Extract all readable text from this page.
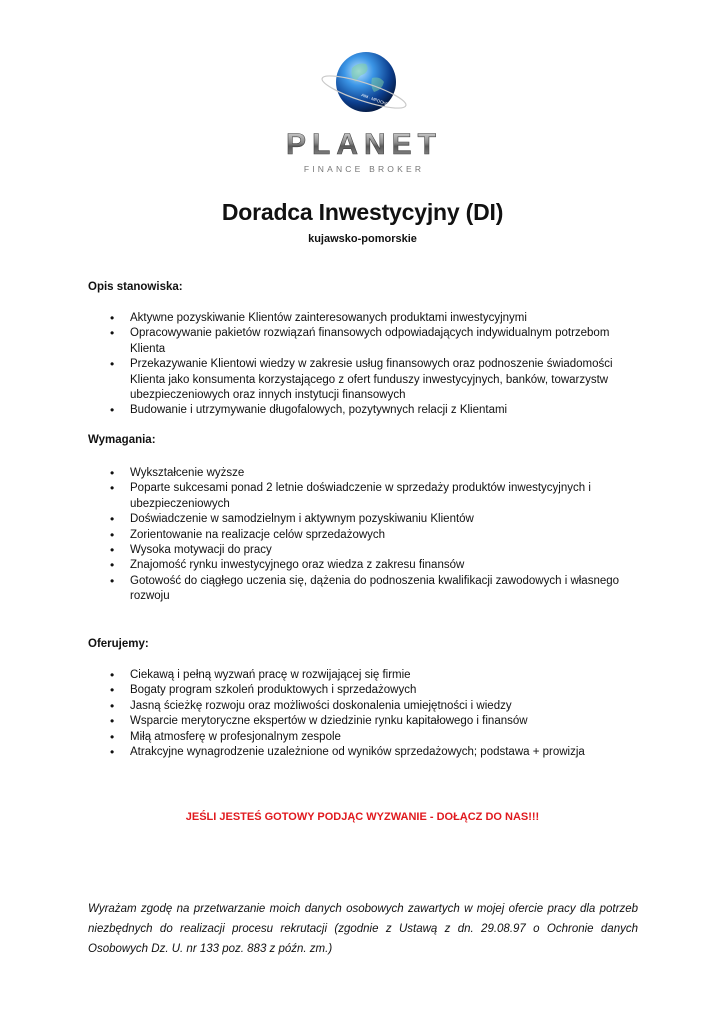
AIM · MPOCKETS
PLANET
FINANCE BROKER
Doradca Inwestycyjny (DI)
kujawsko-pomorskie
Opis stanowiska:
• Aktywne pozyskiwanie Klientów zainteresowanych produktami inwestycyjnymi
• Opracowywanie pakietów rozwiązań finansowych odpowiadających indywidualnym potrzebom Klienta
• Przekazywanie Klientowi wiedzy w zakresie usług finansowych oraz podnoszenie świadomości Klienta jako konsumenta korzystającego z ofert funduszy inwestycyjnych, banków, towarzystw ubezpieczeniowych oraz innych instytucji finansowych
• Budowanie i utrzymywanie długofalowych, pozytywnych relacji z Klientami
Wymagania:
• Wykształcenie wyższe
• Poparte sukcesami ponad 2 letnie doświadczenie w sprzedaży produktów inwestycyjnych i ubezpieczeniowych
• Doświadczenie w samodzielnym i aktywnym pozyskiwaniu Klientów
• Zorientowanie na realizacje celów sprzedażowych
• Wysoka motywacji do pracy
• Znajomość rynku inwestycyjnego oraz wiedza z zakresu finansów
• Gotowość do ciągłego uczenia się, dążenia do podnoszenia kwalifikacji zawodowych i własnego rozwoju
Oferujemy:
• Ciekawą i pełną wyzwań pracę w rozwijającej się firmie
• Bogaty program szkoleń produktowych i sprzedażowych
• Jasną ścieżkę rozwoju oraz możliwości doskonalenia umiejętności i wiedzy
• Wsparcie merytoryczne ekspertów w dziedzinie rynku kapitałowego i finansów
• Miłą atmosferę w profesjonalnym zespole
• Atrakcyjne wynagrodzenie uzależnione od wyników sprzedażowych; podstawa + prowizja
JEŚLI JESTEŚ GOTOWY PODJĄC WYZWANIE - DOŁĄCZ DO NAS!!!
Wyrażam zgodę na przetwarzanie moich danych osobowych zawartych w mojej ofercie pracy dla potrzeb niezbędnych do realizacji procesu rekrutacji (zgodnie z Ustawą z dn. 29.08.97 o Ochronie danych Osobowych Dz. U. nr 133 poz. 883 z późn. zm.)
